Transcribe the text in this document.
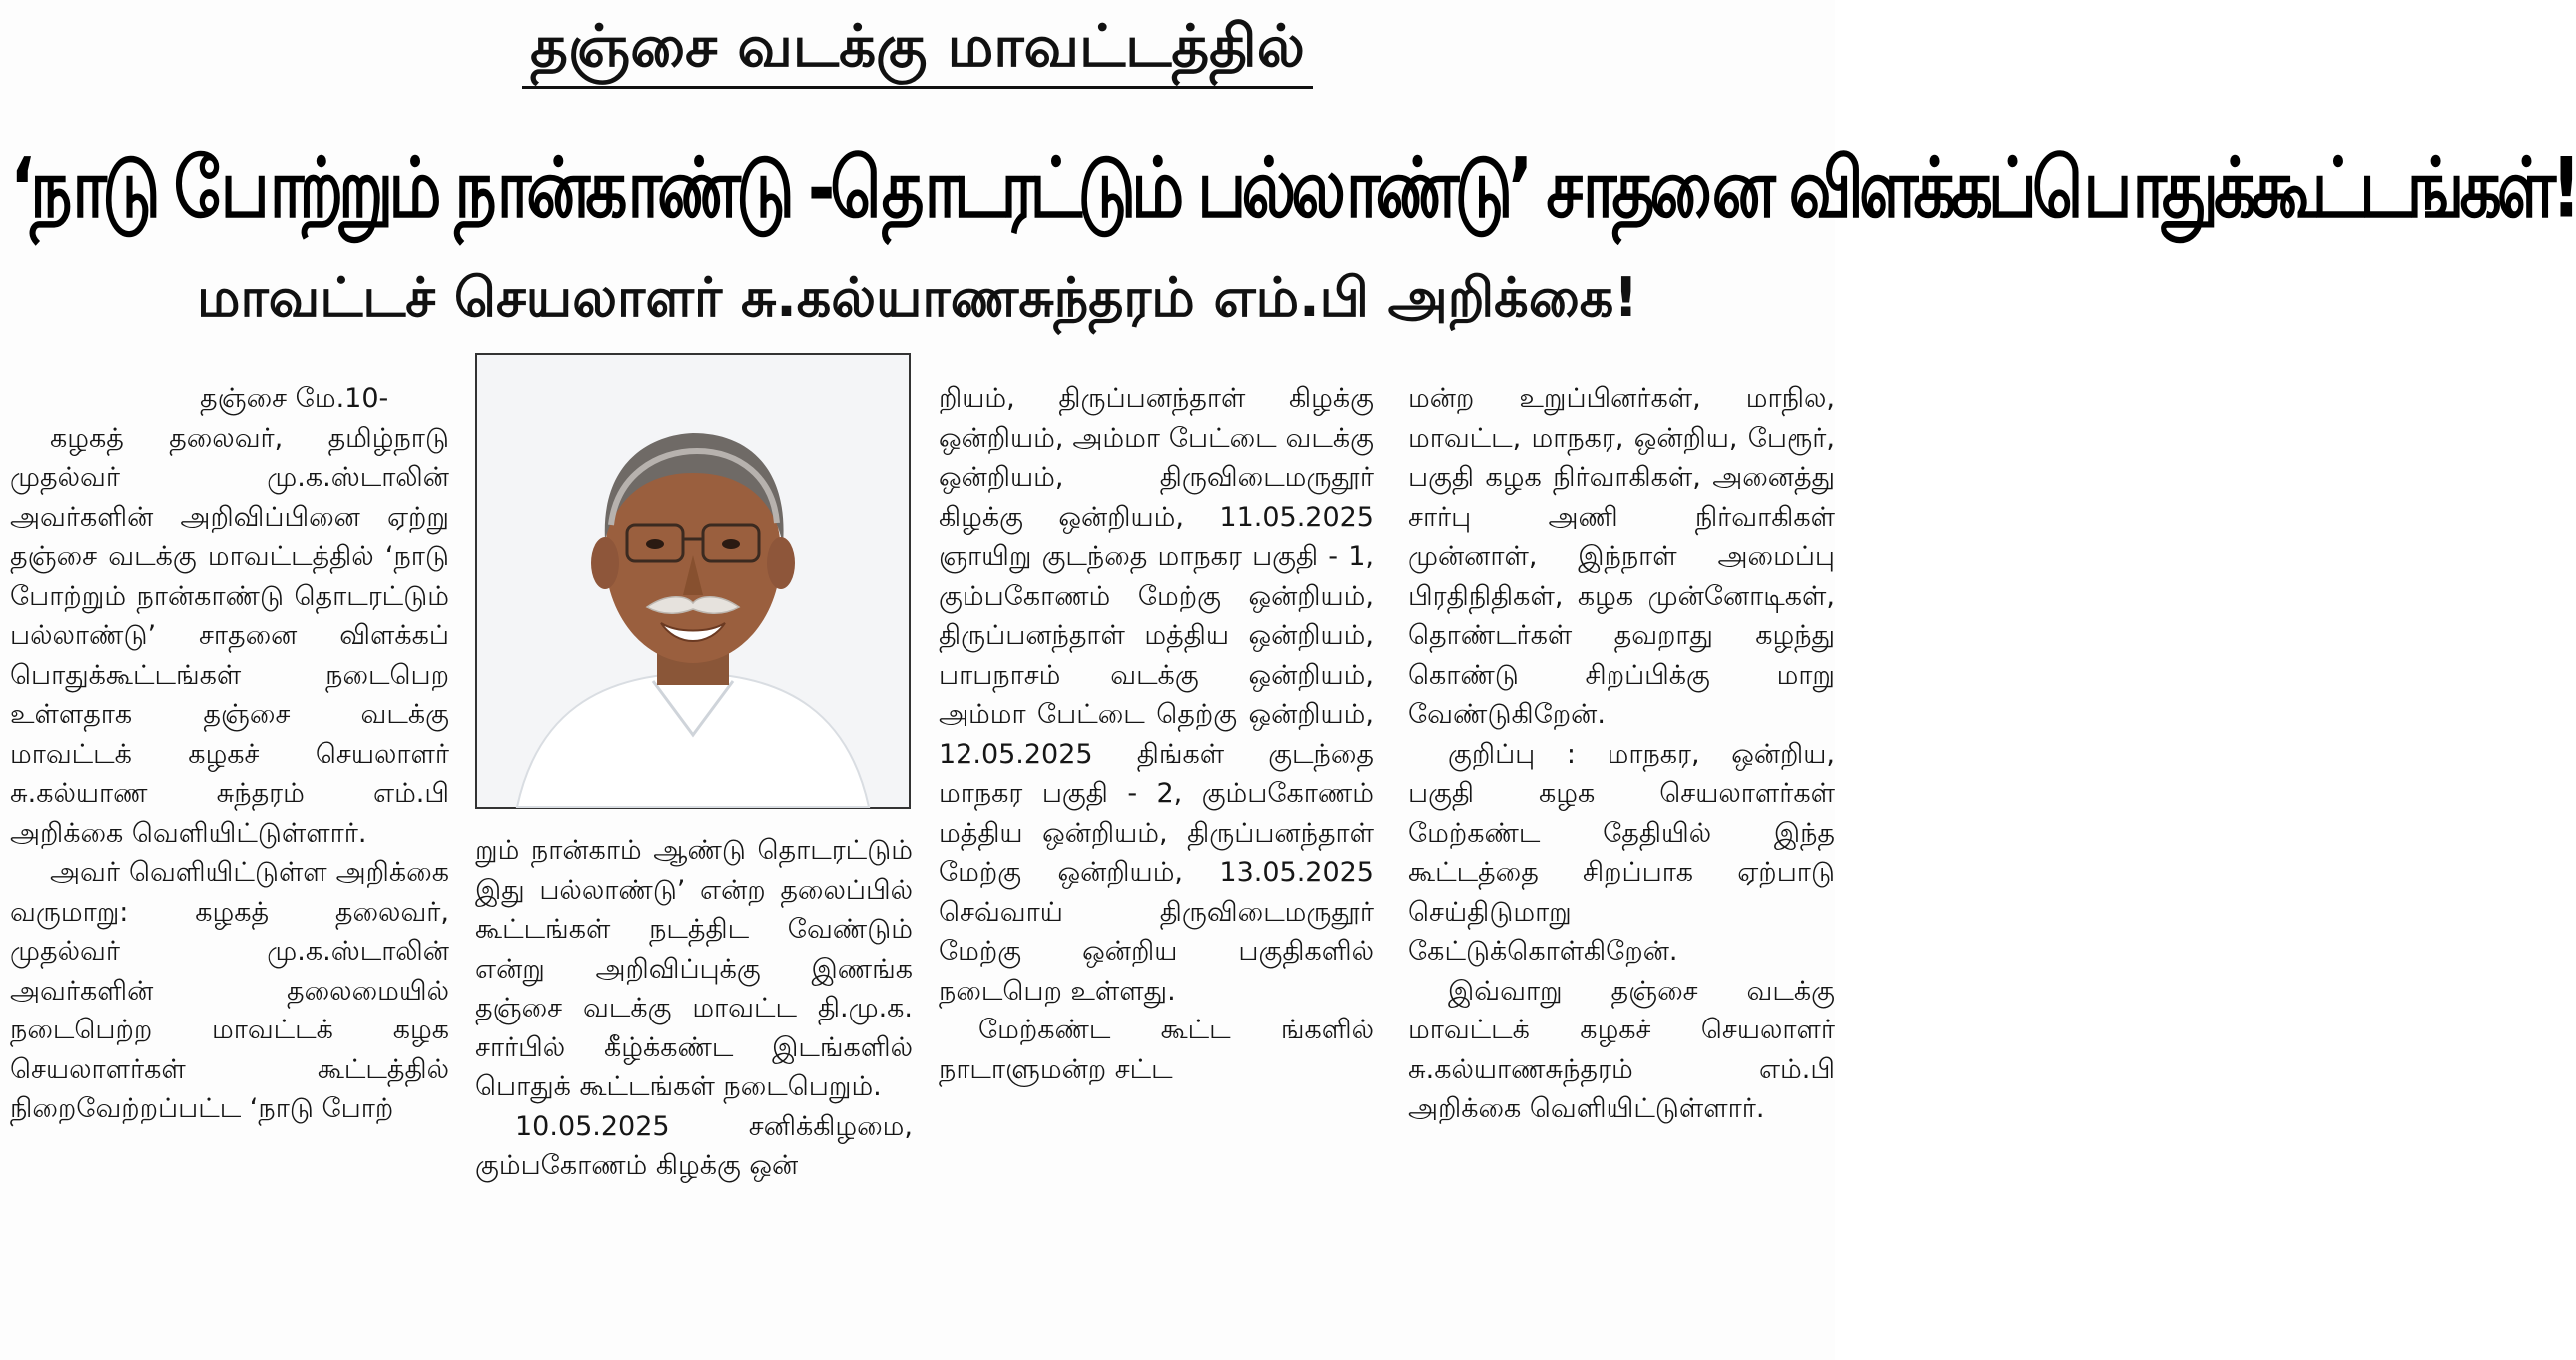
தஞ்சை வடக்கு மாவட்டத்தில்
‘நாடு போற்றும் நான்காண்டு -தொடரட்டும் பல்லாண்டு’ சாதனை விளக்கப்பொதுக்கூட்டங்கள்!
மாவட்டச் செயலாளர் சு.கல்யாணசுந்தரம் எம்.பி அறிக்கை!

தஞ்சை மே.10-

கழகத் தலைவர், தமிழ்நாடு முதல்வர் மு.க.ஸ்டாலின் அவர்களின் அறிவிப்பினை ஏற்று தஞ்சை வடக்கு மாவட்டத்தில் ‘நாடு போற்றும் நான்காண்டு தொடரட்டும் பல்லாண்டு’ சாதனை விளக்கப் பொதுக்கூட்டங்கள் நடைபெற உள்ளதாக தஞ்சை வடக்கு மாவட்டக் கழகச் செயலாளர் சு.கல்யாண சுந்தரம் எம்.பி அறிக்கை வெளியிட்டுள்ளார்.

அவர் வெளியிட்டுள்ள அறிக்கை வருமாறு: கழகத் தலைவர், முதல்வர் மு.க.ஸ்டாலின் அவர்களின் தலைமையில் நடைபெற்ற மாவட்டக் கழக செயலாளர்கள் கூட்டத்தில் நிறைவேற்றப்பட்ட ‘நாடு போற்

றும் நான்காம் ஆண்டு தொடரட்டும் இது பல்லாண்டு’ என்ற தலைப்பில் கூட்டங்கள் நடத்திட வேண்டும் என்று அறிவிப்புக்கு இணங்க தஞ்சை வடக்கு மாவட்ட தி.மு.க. சார்பில் கீழ்க்கண்ட இடங்களில் பொதுக் கூட்டங்கள் நடைபெறும்.

10.05.2025 சனிக்கிழமை, கும்பகோணம் கிழக்கு ஒன்

றியம், திருப்பனந்தாள் கிழக்கு ஒன்றியம், அம்மா பேட்டை வடக்கு ஒன்றியம், திருவிடைமருதூர் கிழக்கு ஒன்றியம், 11.05.2025 ஞாயிறு குடந்தை மாநகர பகுதி - 1, கும்பகோணம் மேற்கு ஒன்றியம், திருப்பனந்தாள் மத்திய ஒன்றியம், பாபநாசம் வடக்கு ஒன்றியம், அம்மா பேட்டை தெற்கு ஒன்றியம், 12.05.2025 திங்கள் குடந்தை மாநகர பகுதி - 2, கும்பகோணம் மத்திய ஒன்றியம், திருப்பனந்தாள் மேற்கு ஒன்றியம், 13.05.2025 செவ்வாய் திருவிடைமருதூர் மேற்கு ஒன்றிய பகுதிகளில் நடைபெற உள்ளது.

மேற்கண்ட கூட்ட ங்களில் நாடாளுமன்ற சட்ட

மன்ற உறுப்பினர்கள், மாநில, மாவட்ட, மாநகர, ஒன்றிய, பேரூர், பகுதி கழக நிர்வாகிகள், அனைத்து சார்பு அணி நிர்வாகிகள் முன்னாள், இந்நாள் அமைப்பு பிரதிநிதிகள், கழக முன்னோடிகள், தொண்டர்கள் தவறாது கழந்து கொண்டு சிறப்பிக்கு மாறு வேண்டுகிறேன்.

குறிப்பு : மாநகர, ஒன்றிய, பகுதி கழக செயலாளர்கள் மேற்கண்ட தேதியில் இந்த கூட்டத்தை சிறப்பாக ஏற்பாடு செய்திடுமாறு கேட்டுக்கொள்கிறேன்.

இவ்வாறு தஞ்சை வடக்கு மாவட்டக் கழகச் செயலாளர் சு.கல்யாணசுந்தரம் எம்.பி அறிக்கை வெளியிட்டுள்ளார்.
